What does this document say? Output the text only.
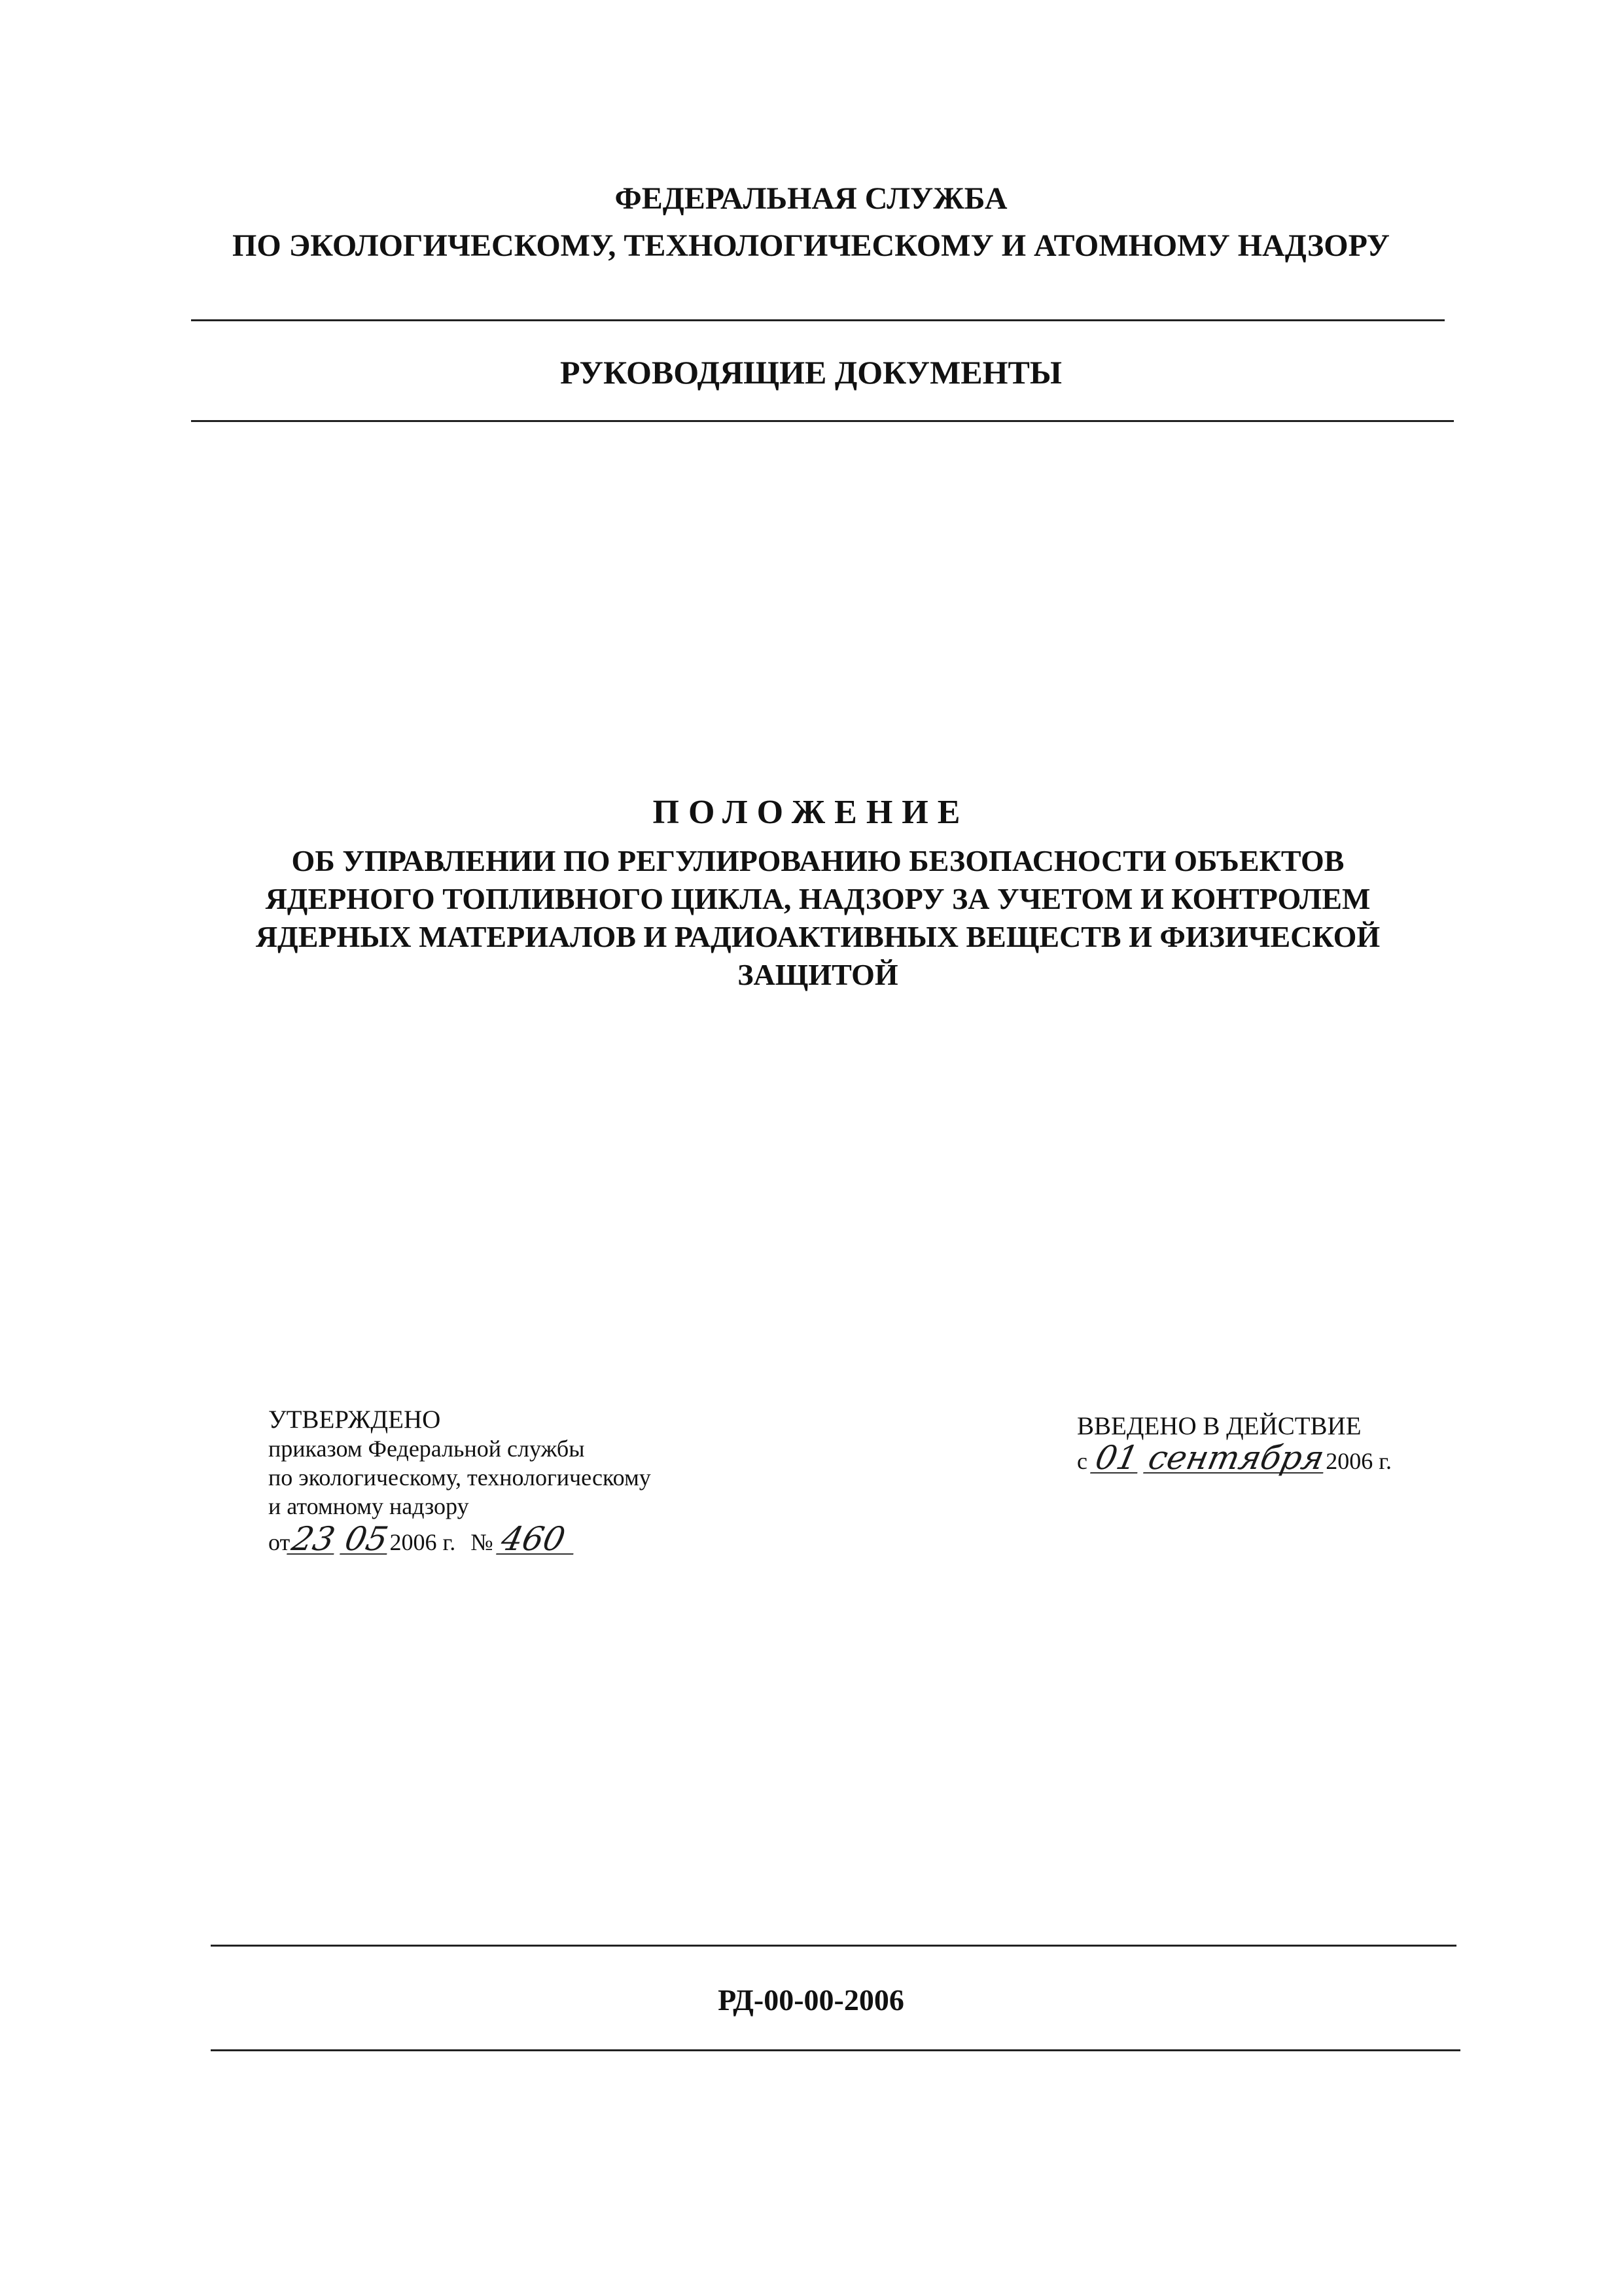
ФЕДЕРАЛЬНАЯ СЛУЖБА
ПО ЭКОЛОГИЧЕСКОМУ, ТЕХНОЛОГИЧЕСКОМУ И АТОМНОМУ НАДЗОРУ
РУКОВОДЯЩИЕ ДОКУМЕНТЫ
ПОЛОЖЕНИЕ
ОБ УПРАВЛЕНИИ ПО РЕГУЛИРОВАНИЮ БЕЗОПАСНОСТИ ОБЪЕКТОВ
ЯДЕРНОГО ТОПЛИВНОГО ЦИКЛА, НАДЗОРУ ЗА УЧЕТОМ И КОНТРОЛЕМ
ЯДЕРНЫХ МАТЕРИАЛОВ И РАДИОАКТИВНЫХ ВЕЩЕСТВ И ФИЗИЧЕСКОЙ
ЗАЩИТОЙ
УТВЕРЖДЕНО
приказом Федеральной службы
по экологическому, технологическому
и атомному надзору
от23 052006 г. № 460
ВВЕДЕНО В ДЕЙСТВИЕ
с 01 сентября2006 г.
РД-00-00-2006
